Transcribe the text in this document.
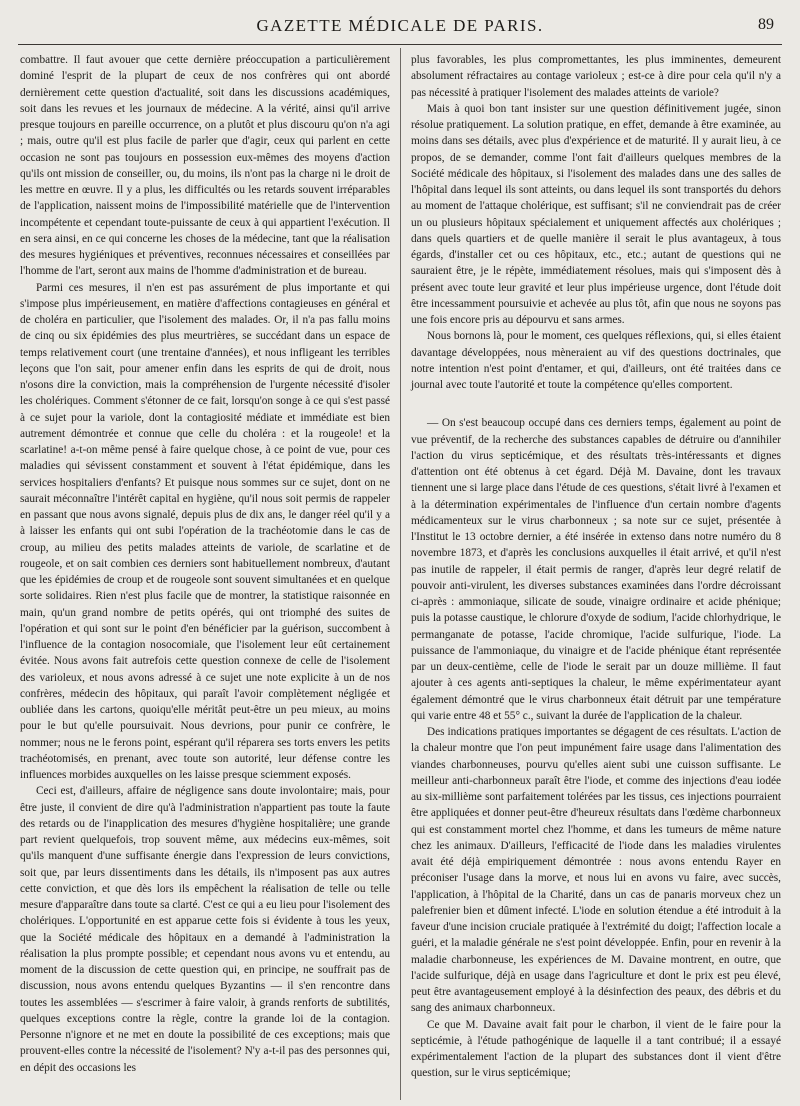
GAZETTE MÉDICALE DE PARIS.	89

combattre. Il faut avouer que cette dernière préoccupation a particulièrement dominé l'esprit de la plupart de ceux de nos confrères qui ont abordé dernièrement cette question d'actualité, soit dans les discussions académiques, soit dans les revues et les journaux de médecine. A la vérité, ainsi qu'il arrive presque toujours en pareille occurrence, on a plutôt et plus discouru qu'on n'a agi ; mais, outre qu'il est plus facile de parler que d'agir, ceux qui parlent en cette occasion ne sont pas toujours en possession eux-mêmes des moyens d'action qu'ils ont mission de conseiller, ou, du moins, ils n'ont pas la charge ni le droit de les mettre en œuvre. Il y a plus, les difficultés ou les retards souvent irréparables de l'application, naissent moins de l'impossibilité matérielle que de l'intervention incompétente et cependant toute-puissante de ceux à qui appartient l'exécution. Il en sera ainsi, en ce qui concerne les choses de la médecine, tant que la réalisation des mesures hygiéniques et préventives, reconnues nécessaires et conseillées par l'homme de l'art, seront aux mains de l'homme d'administration et de bureau.

Parmi ces mesures, il n'en est pas assurément de plus importante et qui s'impose plus impérieusement, en matière d'affections contagieuses en général et de choléra en particulier, que l'isolement des malades. Or, il n'a pas fallu moins de cinq ou six épidémies des plus meurtrières, se succédant dans un espace de temps relativement court (une trentaine d'années), et nous infligeant les terribles leçons que l'on sait, pour amener enfin dans les esprits de qui de droit, nous n'osons dire la conviction, mais la compréhension de l'urgente nécessité d'isoler les cholériques. Comment s'étonner de ce fait, lorsqu'on songe à ce qui s'est passé à ce sujet pour la variole, dont la contagiosité médiate et immédiate est bien autrement démontrée et connue que celle du choléra : et la rougeole! et la scarlatine! a-t-on même pensé à faire quelque chose, à ce point de vue, pour ces maladies qui sévissent constamment et souvent à l'état épidémique, dans les services hospitaliers d'enfants? Et puisque nous sommes sur ce sujet, dont on ne saurait méconnaître l'intérêt capital en hygiène, qu'il nous soit permis de rappeler en passant que nous avons signalé, depuis plus de dix ans, le danger réel qu'il y a à laisser les enfants qui ont subi l'opération de la trachéotomie dans le cas de croup, au milieu des petits malades atteints de variole, de scarlatine et de rougeole, et on sait combien ces derniers sont habituellement nombreux, d'autant que les épidémies de croup et de rougeole sont souvent simultanées et en quelque sorte solidaires. Rien n'est plus facile que de montrer, la statistique raisonnée en main, qu'un grand nombre de petits opérés, qui ont triomphé des suites de l'opération et qui sont sur le point d'en bénéficier par la guérison, succombent à l'influence de la contagion nosocomiale, que l'isolement leur eût certainement évitée. Nous avons fait autrefois cette question connexe de celle de l'isolement des varioleux, et nous avons adressé à ce sujet une note explicite à un de nos confrères, médecin des hôpitaux, qui paraît l'avoir complètement négligée et oubliée dans les cartons, quoiqu'elle méritât peut-être un peu mieux, au moins pour le but qu'elle poursuivait. Nous devrions, pour punir ce confrère, le nommer; nous ne le ferons point, espérant qu'il réparera ses torts envers les petits trachéotomisés, en prenant, avec toute son autorité, leur défense contre les influences morbides auxquelles on les laisse presque sciemment exposés.

Ceci est, d'ailleurs, affaire de négligence sans doute involontaire; mais, pour être juste, il convient de dire qu'à l'administration n'appartient pas toute la faute des retards ou de l'inapplication des mesures d'hygiène hospitalière; une grande part revient quelquefois, trop souvent même, aux médecins eux-mêmes, soit qu'ils manquent d'une suffisante énergie dans l'expression de leurs convictions, soit que, par leurs dissentiments dans les détails, ils n'imposent pas aux autres cette conviction, et que dès lors ils empêchent la réalisation de telle ou telle mesure d'apparaître dans toute sa clarté. C'est ce qui a eu lieu pour l'isolement des cholériques. L'opportunité en est apparue cette fois si évidente à tous les yeux, que la Société médicale des hôpitaux en a demandé à l'administration la réalisation la plus prompte possible; et cependant nous avons vu et entendu, au moment de la discussion de cette question qui, en principe, ne souffrait pas de discussion, nous avons entendu quelques Byzantins — il s'en rencontre dans toutes les assemblées — s'escrimer à faire valoir, à grands renforts de subtilités, quelques exceptions contre la règle, contre la grande loi de la contagion. Personne n'ignore et ne met en doute la possibilité de ces exceptions; mais que prouvent-elles contre la nécessité de l'isolement? N'y a-t-il pas des personnes qui, en dépit des occasions les

plus favorables, les plus compromettantes, les plus imminentes, demeurent absolument réfractaires au contage varioleux ; est-ce à dire pour cela qu'il n'y a pas nécessité à pratiquer l'isolement des malades atteints de variole?

Mais à quoi bon tant insister sur une question définitivement jugée, sinon résolue pratiquement. La solution pratique, en effet, demande à être examinée, au moins dans ses détails, avec plus d'expérience et de maturité. Il y aurait lieu, à ce propos, de se demander, comme l'ont fait d'ailleurs quelques membres de la Société médicale des hôpitaux, si l'isolement des malades dans une des salles de l'hôpital dans lequel ils sont atteints, ou dans lequel ils sont transportés du dehors au moment de l'attaque cholérique, est suffisant; s'il ne conviendrait pas de créer un ou plusieurs hôpitaux spécialement et uniquement affectés aux cholériques ; dans quels quartiers et de quelle manière il serait le plus avantageux, à tous égards, d'installer cet ou ces hôpitaux, etc., etc.; autant de questions qui ne sauraient être, je le répète, immédiatement résolues, mais qui s'imposent dès à présent avec toute leur gravité et leur plus impérieuse urgence, dont l'étude doit être incessamment poursuivie et achevée au plus tôt, afin que nous ne soyons pas une fois encore pris au dépourvu et sans armes.

Nous bornons là, pour le moment, ces quelques réflexions, qui, si elles étaient davantage développées, nous mèneraient au vif des questions doctrinales, que notre intention n'est point d'entamer, et qui, d'ailleurs, ont été traitées dans ce journal avec toute l'autorité et toute la compétence qu'elles comportent.

— On s'est beaucoup occupé dans ces derniers temps, également au point de vue préventif, de la recherche des substances capables de détruire ou d'annihiler l'action du virus septicémique, et des résultats très-intéressants et dignes d'attention ont été obtenus à cet égard. Déjà M. Davaine, dont les travaux tiennent une si large place dans l'étude de ces questions, s'était livré à l'examen et à la détermination expérimentales de l'influence d'un certain nombre d'agents médicamenteux sur le virus charbonneux ; sa note sur ce sujet, présentée à l'Institut le 13 octobre dernier, a été insérée in extenso dans notre numéro du 8 novembre 1873, et d'après les conclusions auxquelles il était arrivé, et qu'il n'est pas inutile de rappeler, il était permis de ranger, d'après leur degré relatif de pouvoir anti-virulent, les diverses substances examinées dans l'ordre décroissant ci-après : ammoniaque, silicate de soude, vinaigre ordinaire et acide phénique; puis la potasse caustique, le chlorure d'oxyde de sodium, l'acide chlorhydrique, le permanganate de potasse, l'acide chromique, l'acide sulfurique, l'iode. La puissance de l'ammoniaque, du vinaigre et de l'acide phénique étant représentée par un deux-centième, celle de l'iode le serait par un douze millième. Il faut ajouter à ces agents anti-septiques la chaleur, le même expérimentateur ayant également démontré que le virus charbonneux était détruit par une température qui varie entre 48 et 55° c., suivant la durée de l'application de la chaleur.

Des indications pratiques importantes se dégagent de ces résultats. L'action de la chaleur montre que l'on peut impunément faire usage dans l'alimentation des viandes charbonneuses, pourvu qu'elles aient subi une cuisson suffisante. Le meilleur anti-charbonneux paraît être l'iode, et comme des injections d'eau iodée au six-millième sont parfaitement tolérées par les tissus, ces injections pourraient être appliquées et donner peut-être d'heureux résultats dans l'œdème charbonneux qui est constamment mortel chez l'homme, et dans les tumeurs de même nature chez les animaux. D'ailleurs, l'efficacité de l'iode dans les maladies virulentes avait été déjà empiriquement démontrée : nous avons entendu Rayer en préconiser l'usage dans la morve, et nous lui en avons vu faire, avec succès, l'application, à l'hôpital de la Charité, dans un cas de panaris morveux chez un palefrenier bien et dûment infecté. L'iode en solution étendue a été introduit à la faveur d'une incision cruciale pratiquée à l'extrémité du doigt; l'affection locale a guéri, et la maladie générale ne s'est point développée. Enfin, pour en revenir à la maladie charbonneuse, les expériences de M. Davaine montrent, en outre, que l'acide sulfurique, déjà en usage dans l'agriculture et dont le prix est peu élevé, peut être avantageusement employé à la désinfection des peaux, des débris et du sang des animaux charbonneux.

Ce que M. Davaine avait fait pour le charbon, il vient de le faire pour la septicémie, à l'étude pathogénique de laquelle il a tant contribué; il a essayé expérimentalement l'action de la plupart des substances dont il vient d'être question, sur le virus septicémique;
